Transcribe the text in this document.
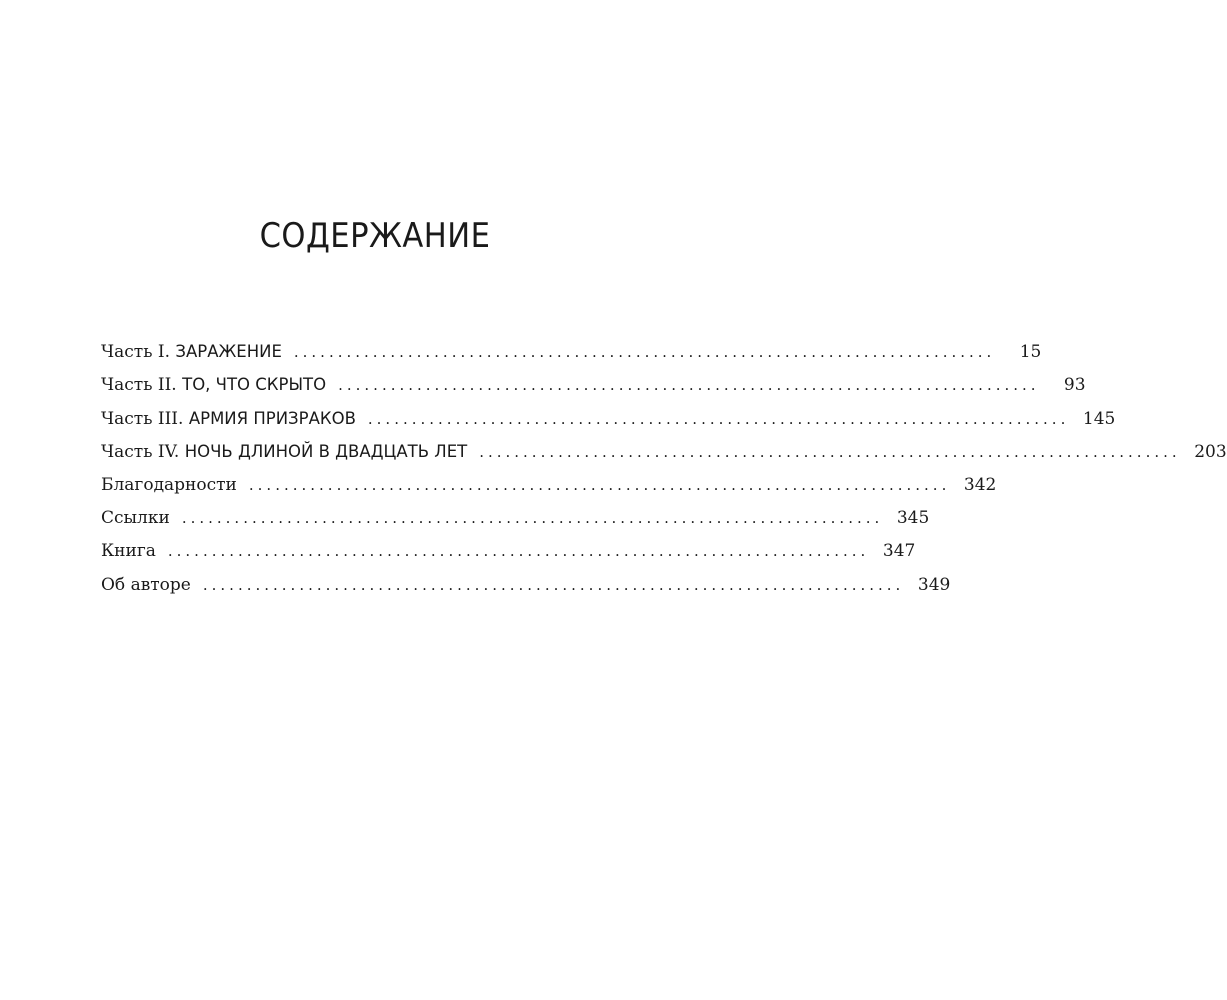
СОДЕРЖАНИЕ
Часть I. ЗАРАЖЕНИЕ ................................................................................	15
Часть II. ТО, ЧТО СКРЫТО ................................................................................	93
Часть III. АРМИЯ ПРИЗРАКОВ ................................................................................ 145
Часть IV. НОЧЬ ДЛИНОЙ В ДВАДЦАТЬ ЛЕТ ................................................................................ 203
Благодарности ................................................................................ 342
Ссылки ................................................................................ 345
Книга ................................................................................ 347
Об авторе ................................................................................ 349
